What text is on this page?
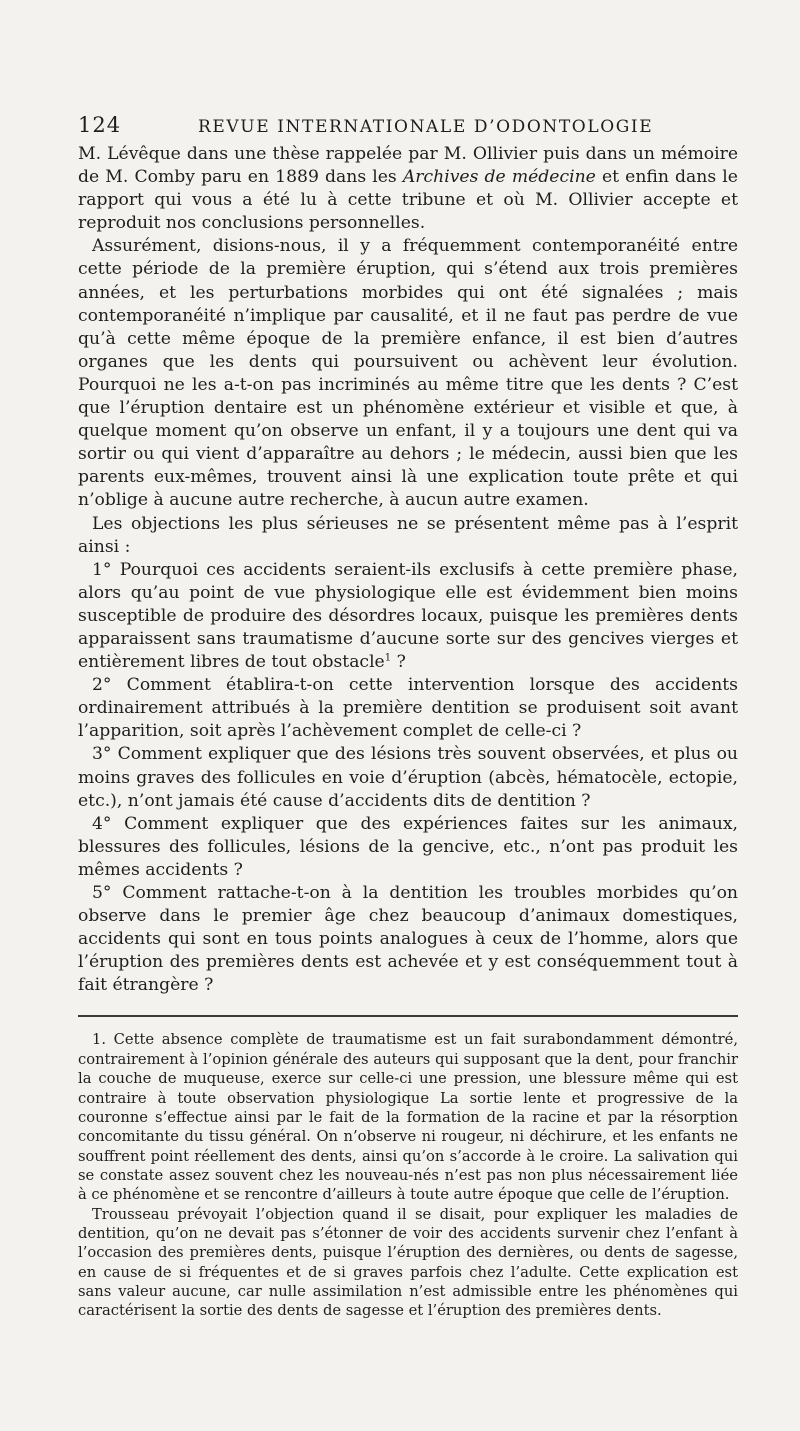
124	REVUE INTERNATIONALE D’ODONTOLOGIE

M. Lévêque dans une thèse rappelée par M. Ollivier puis dans un mémoire de M. Comby paru en 1889 dans les Archives de médecine et enfin dans le rapport qui vous a été lu à cette tribune et où M. Ollivier accepte et reproduit nos conclusions personnelles.

Assurément, disions-nous, il y a fréquemment contemporanéité entre cette période de la première éruption, qui s’étend aux trois premières années, et les perturbations morbides qui ont été signalées ; mais contemporanéité n’implique par causalité, et il ne faut pas perdre de vue qu’à cette même époque de la première enfance, il est bien d’autres organes que les dents qui poursuivent ou achèvent leur évolution. Pourquoi ne les a-t-on pas incriminés au même titre que les dents ? C’est que l’éruption dentaire est un phénomène extérieur et visible et que, à quelque moment qu’on observe un enfant, il y a toujours une dent qui va sortir ou qui vient d’apparaître au dehors ; le médecin, aussi bien que les parents eux-mêmes, trouvent ainsi là une explication toute prête et qui n’oblige à aucune autre recherche, à aucun autre examen.

Les objections les plus sérieuses ne se présentent même pas à l’esprit ainsi :

1° Pourquoi ces accidents seraient-ils exclusifs à cette première phase, alors qu’au point de vue physiologique elle est évidemment bien moins susceptible de produire des désordres locaux, puisque les premières dents apparaissent sans traumatisme d’aucune sorte sur des gencives vierges et entièrement libres de tout obstacle$^1$ ?

2° Comment établira-t-on cette intervention lorsque des accidents ordinairement attribués à la première dentition se produisent soit avant l’apparition, soit après l’achèvement complet de celle-ci ?

3° Comment expliquer que des lésions très souvent observées, et plus ou moins graves des follicules en voie d’éruption (abcès, hématocèle, ectopie, etc.), n’ont jamais été cause d’accidents dits de dentition ?

4° Comment expliquer que des expériences faites sur les animaux, blessures des follicules, lésions de la gencive, etc., n’ont pas produit les mêmes accidents ?

5° Comment rattache-t-on à la dentition les troubles morbides qu’on observe dans le premier âge chez beaucoup d’animaux domestiques, accidents qui sont en tous points analogues à ceux de l’homme, alors que l’éruption des premières dents est achevée et y est conséquemment tout à fait étrangère ?

1. Cette absence complète de traumatisme est un fait surabondamment démontré, contrairement à l’opinion générale des auteurs qui supposant que la dent, pour franchir la couche de muqueuse, exerce sur celle-ci une pression, une blessure même qui est contraire à toute observation physiologique La sortie lente et progressive de la couronne s’effectue ainsi par le fait de la formation de la racine et par la résorption concomitante du tissu général. On n’observe ni rougeur, ni déchirure, et les enfants ne souffrent point réellement des dents, ainsi qu’on s’accorde à le croire. La salivation qui se constate assez souvent chez les nouveau-nés n’est pas non plus nécessairement liée à ce phénomène et se rencontre d’ailleurs à toute autre époque que celle de l’éruption.

Trousseau prévoyait l’objection quand il se disait, pour expliquer les maladies de dentition, qu’on ne devait pas s’étonner de voir des accidents survenir chez l’enfant à l’occasion des premières dents, puisque l’éruption des dernières, ou dents de sagesse, en cause de si fréquentes et de si graves parfois chez l’adulte. Cette explication est sans valeur aucune, car nulle assimilation n’est admissible entre les phénomènes qui caractérisent la sortie des dents de sagesse et l’éruption des premières dents.
